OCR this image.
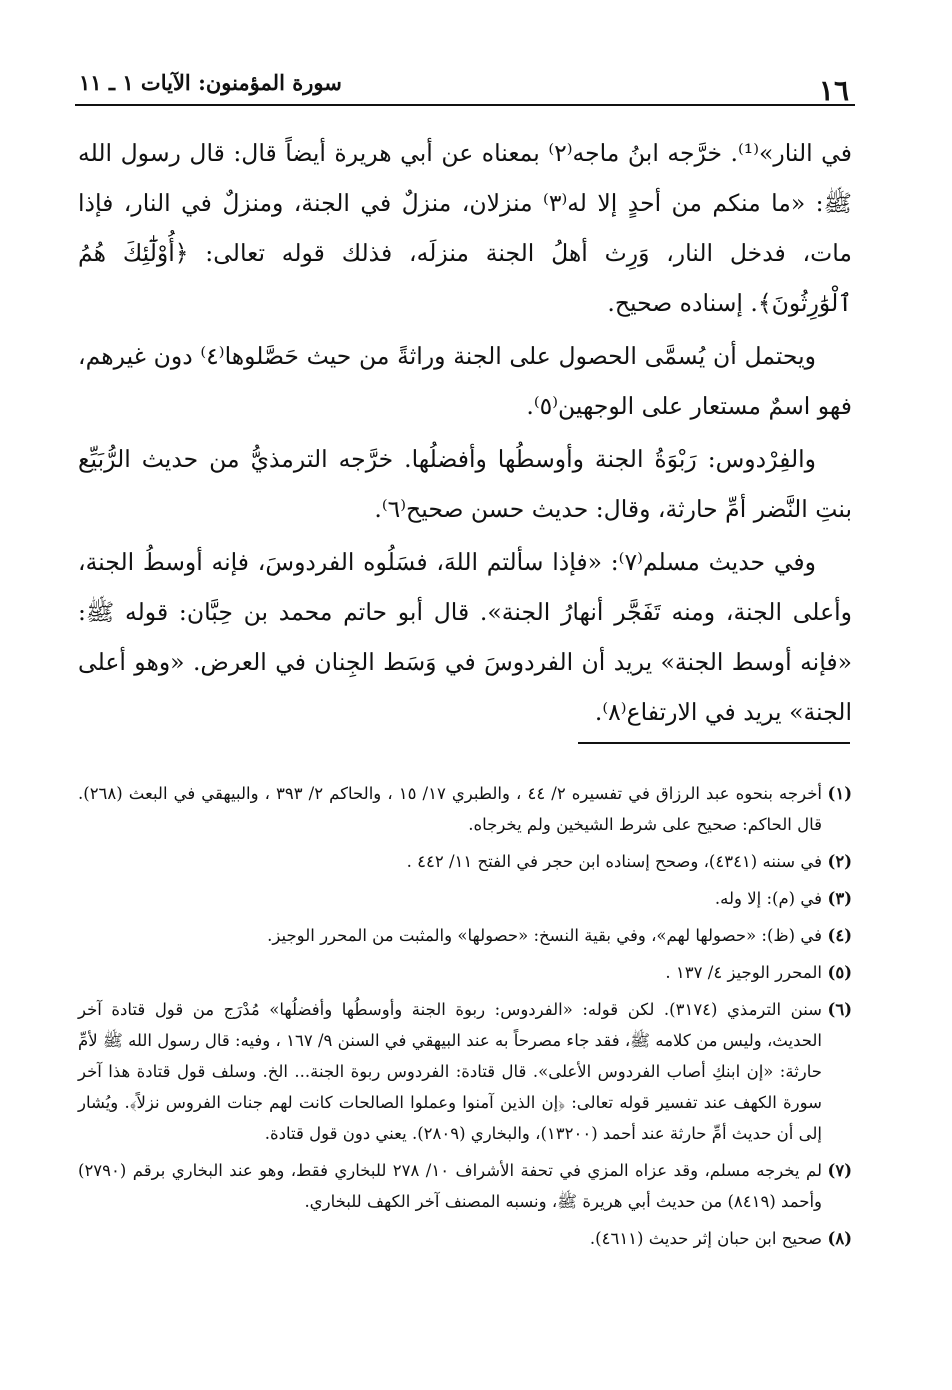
١٦
سورة المؤمنون: الآيات ١ ـ ١١

في النار»⁽¹⁾. خرَّجه ابنُ ماجه⁽٢⁾ بمعناه عن أبي هريرة أيضاً قال: قال رسول الله ﷺ: «ما منكم من أحدٍ إلا له⁽٣⁾ منزلان، منزلٌ في الجنة، ومنزلٌ في النار، فإذا مات، فدخل النار، وَرِث أهلُ الجنة منزلَه، فذلك قوله تعالى: ﴿أُوْلَٰٓئِكَ هُمُ ٱلْوَٰرِثُونَ﴾. إسناده صحيح.

ويحتمل أن يُسمَّى الحصول على الجنة وراثةً من حيث حَصَّلوها⁽٤⁾ دون غيرهم، فهو اسمٌ مستعار على الوجهين⁽٥⁾.

والفِرْدوس: رَبْوَةُ الجنة وأوسطُها وأفضلُها. خرَّجه الترمذيُّ من حديث الرُّبَيِّع بنتِ النَّضر أمِّ حارثة، وقال: حديث حسن صحيح⁽٦⁾.

وفي حديث مسلم⁽٧⁾: «فإذا سألتم اللهَ، فسَلُوه الفردوسَ، فإنه أوسطُ الجنة، وأعلى الجنة، ومنه تَفَجَّر أنهارُ الجنة». قال أبو حاتم محمد بن حِبَّان: قوله ﷺ: «فإنه أوسط الجنة» يريد أن الفردوسَ في وَسَط الجِنان في العرض. «وهو أعلى الجنة» يريد في الارتفاع⁽٨⁾.

(١)
أخرجه بنحوه عبد الرزاق في تفسيره ٢/ ٤٤ ، والطبري ١٧/ ١٥ ، والحاكم ٢/ ٣٩٣ ، والبيهقي في البعث (٢٦٨). قال الحاكم: صحيح على شرط الشيخين ولم يخرجاه.
(٢)
في سننه (٤٣٤١)، وصحح إسناده ابن حجر في الفتح ١١/ ٤٤٢ .
(٣)
في (م): إلا وله.
(٤)
في (ظ): «حصولها لهم»، وفي بقية النسخ: «حصولها» والمثبت من المحرر الوجيز.
(٥)
المحرر الوجيز ٤/ ١٣٧ .
(٦)
سنن الترمذي (٣١٧٤). لكن قوله: «الفردوس: ربوة الجنة وأوسطُها وأفضلُها» مُدْرَج من قول قتادة آخر الحديث، وليس من كلامه ﷺ، فقد جاء مصرحاً به عند البيهقي في السنن ٩/ ١٦٧ ، وفيه: قال رسول الله ﷺ لأمِّ حارثة: «إن ابنكِ أصاب الفردوس الأعلى». قال قتادة: الفردوس ربوة الجنة... الخ. وسلف قول قتادة هذا آخر سورة الكهف عند تفسير قوله تعالى: ﴿إن الذين آمنوا وعملوا الصالحات كانت لهم جنات الفروس نزلاً﴾. ويُشار إلى أن حديث أمِّ حارثة عند أحمد (١٣٢٠٠)، والبخاري (٢٨٠٩). يعني دون قول قتادة.
(٧)
لم يخرجه مسلم، وقد عزاه المزي في تحفة الأشراف ١٠/ ٢٧٨ للبخاري فقط، وهو عند البخاري برقم (٢٧٩٠) وأحمد (٨٤١٩) من حديث أبي هريرة ﷺ، ونسبه المصنف آخر الكهف للبخاري.
(٨)
صحيح ابن حبان إثر حديث (٤٦١١).
